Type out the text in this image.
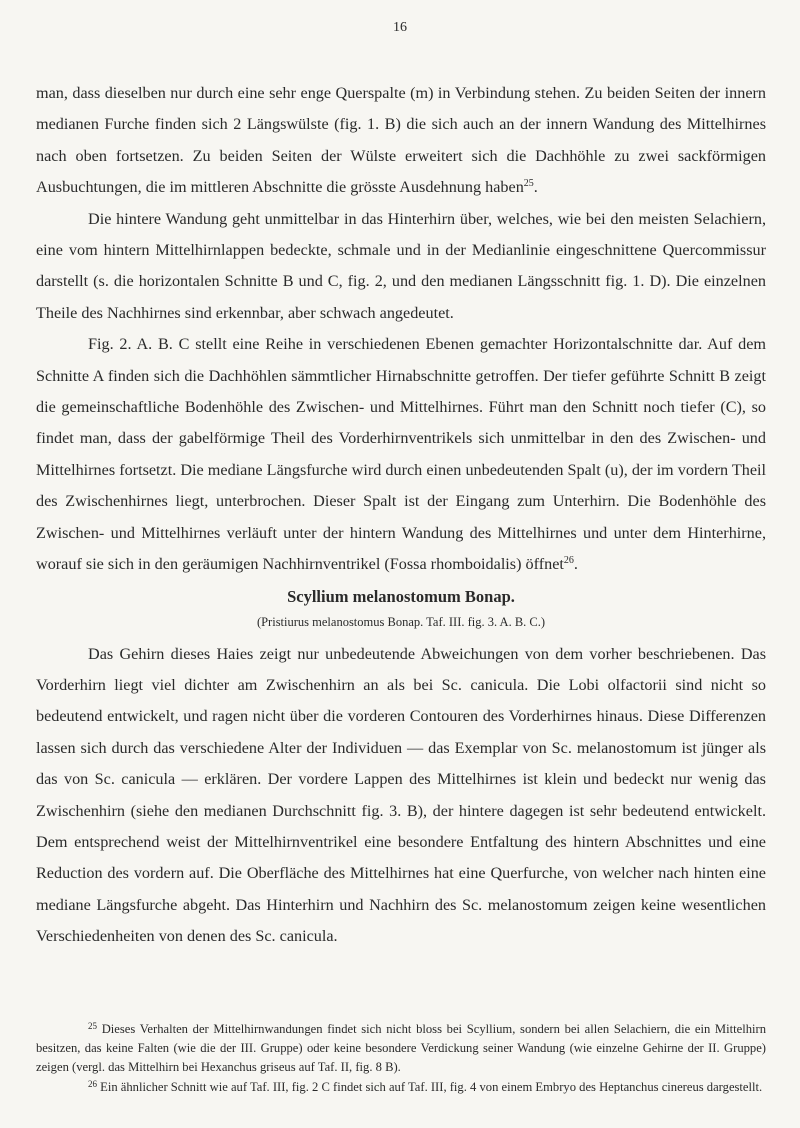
16

man, dass dieselben nur durch eine sehr enge Querspalte (m) in Verbindung stehen. Zu beiden Seiten der innern medianen Furche finden sich 2 Längswülste (fig. 1. B) die sich auch an der innern Wandung des Mittelhirnes nach oben fortsetzen. Zu beiden Seiten der Wülste erweitert sich die Dachhöhle zu zwei sackförmigen Ausbuchtungen, die im mittleren Abschnitte die grösste Ausdehnung haben$^{25}$.

Die hintere Wandung geht unmittelbar in das Hinterhirn über, welches, wie bei den meisten Selachiern, eine vom hintern Mittelhirnlappen bedeckte, schmale und in der Medianlinie eingeschnittene Quercommissur darstellt (s. die horizontalen Schnitte B und C, fig. 2, und den medianen Längsschnitt fig. 1. D). Die einzelnen Theile des Nachhirnes sind erkennbar, aber schwach angedeutet.

Fig. 2. A. B. C stellt eine Reihe in verschiedenen Ebenen gemachter Horizontalschnitte dar. Auf dem Schnitte A finden sich die Dachhöhlen sämmtlicher Hirnabschnitte getroffen. Der tiefer geführte Schnitt B zeigt die gemeinschaftliche Bodenhöhle des Zwischen- und Mittelhirnes. Führt man den Schnitt noch tiefer (C), so findet man, dass der gabelförmige Theil des Vorderhirnventrikels sich unmittelbar in den des Zwischen- und Mittelhirnes fortsetzt. Die mediane Längsfurche wird durch einen unbedeutenden Spalt (u), der im vordern Theil des Zwischenhirnes liegt, unterbrochen. Dieser Spalt ist der Eingang zum Unterhirn. Die Bodenhöhle des Zwischen- und Mittelhirnes verläuft unter der hintern Wandung des Mittelhirnes und unter dem Hinterhirne, worauf sie sich in den geräumigen Nachhirnventrikel (Fossa rhomboidalis) öffnet$^{26}$.

Scyllium melanostomum Bonap.
(Pristiurus melanostomus Bonap. Taf. III. fig. 3. A. B. C.)

Das Gehirn dieses Haies zeigt nur unbedeutende Abweichungen von dem vorher beschriebenen. Das Vorderhirn liegt viel dichter am Zwischenhirn an als bei Sc. canicula. Die Lobi olfactorii sind nicht so bedeutend entwickelt, und ragen nicht über die vorderen Contouren des Vorderhirnes hinaus. Diese Differenzen lassen sich durch das verschiedene Alter der Individuen — das Exemplar von Sc. melanostomum ist jünger als das von Sc. canicula — erklären. Der vordere Lappen des Mittelhirnes ist klein und bedeckt nur wenig das Zwischenhirn (siehe den medianen Durchschnitt fig. 3. B), der hintere dagegen ist sehr bedeutend entwickelt. Dem entsprechend weist der Mittelhirnventrikel eine besondere Entfaltung des hintern Abschnittes und eine Reduction des vordern auf. Die Oberfläche des Mittelhirnes hat eine Querfurche, von welcher nach hinten eine mediane Längsfurche abgeht. Das Hinterhirn und Nachhirn des Sc. melanostomum zeigen keine wesentlichen Verschiedenheiten von denen des Sc. canicula.

$^{25}$ Dieses Verhalten der Mittelhirnwandungen findet sich nicht bloss bei Scyllium, sondern bei allen Selachiern, die ein Mittelhirn besitzen, das keine Falten (wie die der III. Gruppe) oder keine besondere Verdickung seiner Wandung (wie einzelne Gehirne der II. Gruppe) zeigen (vergl. das Mittelhirn bei Hexanchus griseus auf Taf. II, fig. 8 B).

$^{26}$ Ein ähnlicher Schnitt wie auf Taf. III, fig. 2 C findet sich auf Taf. III, fig. 4 von einem Embryo des Heptanchus cinereus dargestellt.
